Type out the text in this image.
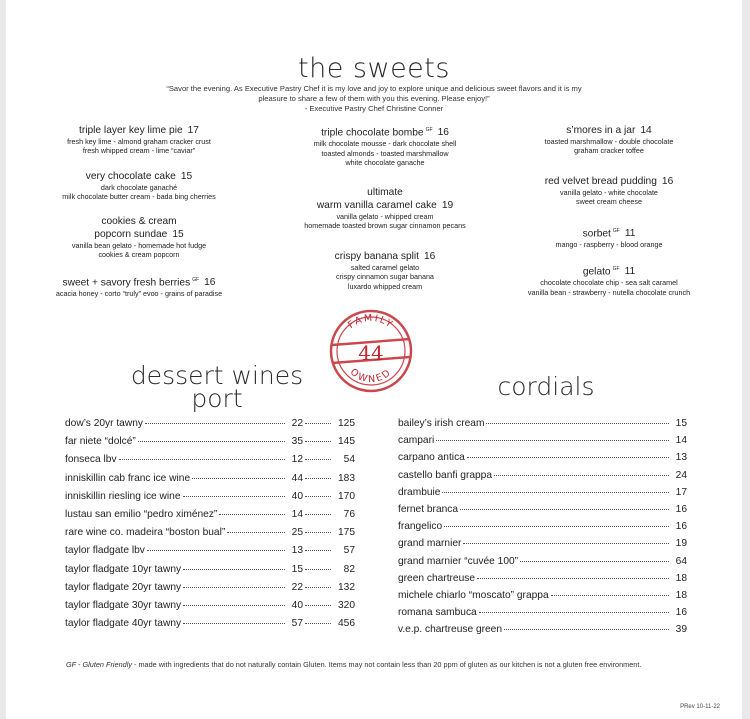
the sweets
“Savor the evening. As Executive Pastry Chef it is my love and joy to explore unique and delicious sweet flavors and it is my pleasure to share a few of them with you this evening. Please enjoy!”
- Executive Pastry Chef Christine Conner
triple layer key lime pie 17
fresh key lime - almond graham cracker crust
fresh whipped cream - lime “caviar”
very chocolate cake 15
dark chocolate ganaché
milk chocolate butter cream - bada bing cherries
cookies & cream
popcorn sundae 15
vanilla bean gelato - homemade hot fudge
cookies & cream popcorn
sweet + savory fresh berries $^{GF}$ 16
acacia honey - corto “truly” evoo - grains of paradise
triple chocolate bombe $^{GF}$ 16
milk chocolate mousse - dark chocolate shell
toasted almonds - toasted marshmallow
white chocolate ganache
ultimate
warm vanilla caramel cake 19
vanilla gelato - whipped cream
homemade toasted brown sugar cinnamon pecans
crispy banana split 16
salted caramel gelato
crispy cinnamon sugar banana
luxardo whipped cream
s’mores in a jar 14
toasted marshmallow - double chocolate
graham cracker toffee
red velvet bread pudding 16
vanilla gelato - white chocolate
sweet cream cheese
sorbet $^{GF}$ 11
mango - raspberry - blood orange
gelato $^{GF}$ 11
chocolate chocolate chip - sea salt caramel
vanilla bean - strawberry - nutella chocolate crunch
FAMILY
44
OWNED
dessert wines
port	cordials
dow’s 20yr tawny	22	125
far niete “dolcé”	35	145
fonseca lbv	12	54
inniskillin cab franc ice wine	44	183
inniskillin riesling ice wine	40	170
lustau san emilio “pedro ximénez”	14	76
rare wine co. madeira “boston bual”	25	175
taylor fladgate lbv	13	57
taylor fladgate 10yr tawny	15	82
taylor fladgate 20yr tawny	22	132
taylor fladgate 30yr tawny	40	320
taylor fladgate 40yr tawny	57	456
bailey’s irish cream	15
campari	14
carpano antica	13
castello banfi grappa	24
drambuie	17
fernet branca	16
frangelico	16
grand marnier	19
grand marnier “cuvée 100”	64
green chartreuse	18
michele chiarlo “moscato” grappa	18
romana sambuca	16
v.e.p. chartreuse green	39
GF - Gluten Friendly - made with ingredients that do not naturally contain Gluten. Items may not contain less than 20 ppm of gluten as our kitchen is not a gluten free environment.
PRev 10-11-22
